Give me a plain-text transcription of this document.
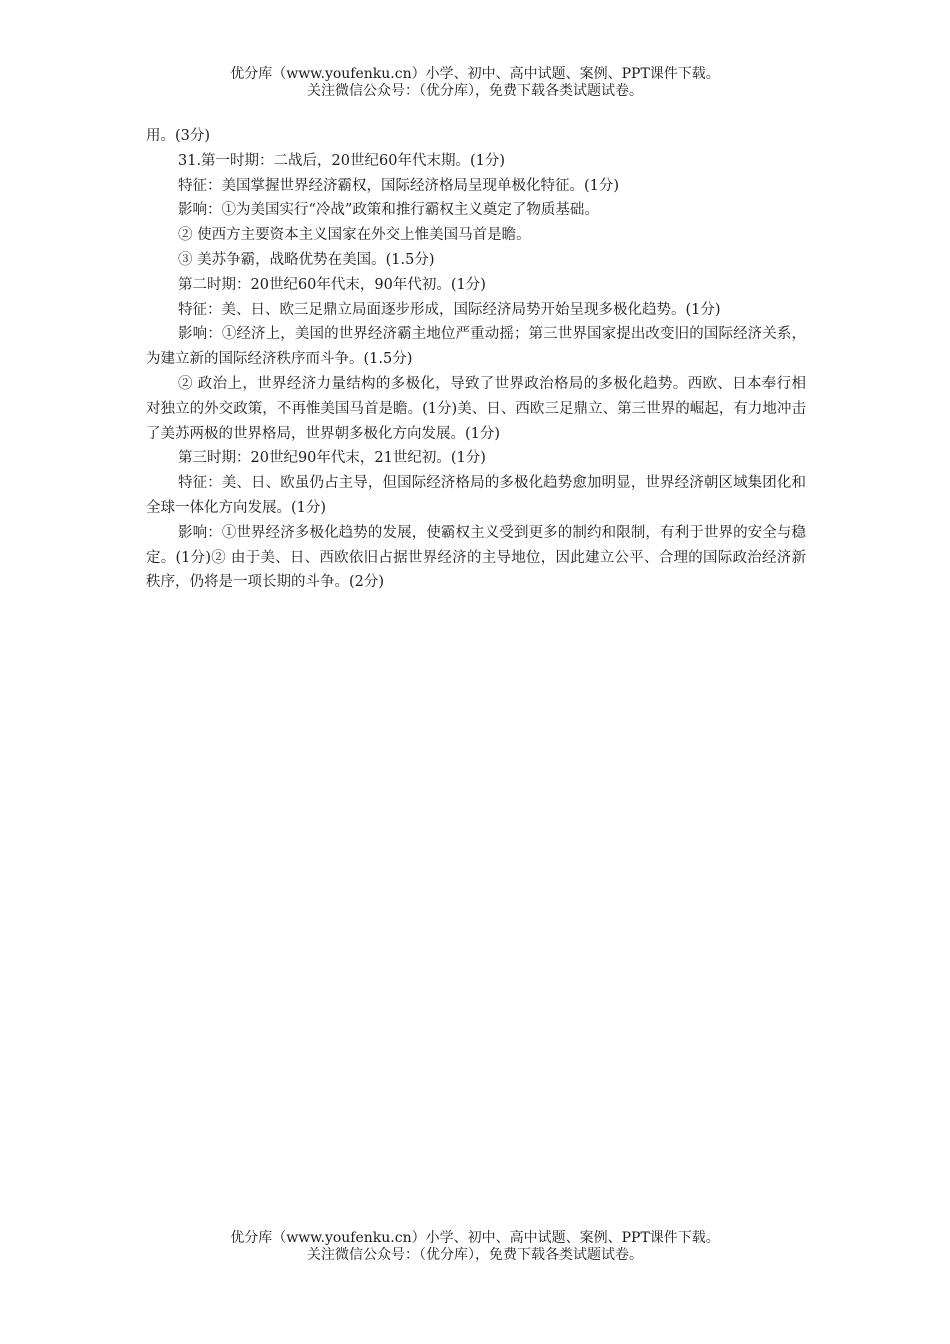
优分库（www.youfenku.cn）小学、初中、高中试题、案例、PPT课件下载。
关注微信公众号：（优分库），免费下载各类试题试卷。

用。(3分)

31.第一时期：二战后，20世纪60年代末期。(1分)

特征：美国掌握世界经济霸权，国际经济格局呈现单极化特征。(1分)

影响：①为美国实行“冷战”政策和推行霸权主义奠定了物质基础。

② 使西方主要资本主义国家在外交上惟美国马首是瞻。

③ 美苏争霸，战略优势在美国。(1.5分)

第二时期：20世纪60年代末，90年代初。(1分)

特征：美、日、欧三足鼎立局面逐步形成，国际经济局势开始呈现多极化趋势。(1分)

影响：①经济上，美国的世界经济霸主地位严重动摇；第三世界国家提出改变旧的国际经济关系，为建立新的国际经济秩序而斗争。(1.5分)

② 政治上，世界经济力量结构的多极化，导致了世界政治格局的多极化趋势。西欧、日本奉行相对独立的外交政策，不再惟美国马首是瞻。(1分)美、日、西欧三足鼎立、第三世界的崛起，有力地冲击了美苏两极的世界格局，世界朝多极化方向发展。(1分)

第三时期：20世纪90年代末，21世纪初。(1分)

特征：美、日、欧虽仍占主导，但国际经济格局的多极化趋势愈加明显，世界经济朝区域集团化和全球一体化方向发展。(1分)

影响：①世界经济多极化趋势的发展，使霸权主义受到更多的制约和限制，有利于世界的安全与稳定。(1分)② 由于美、日、西欧依旧占据世界经济的主导地位，因此建立公平、合理的国际政治经济新秩序，仍将是一项长期的斗争。(2分)

优分库（www.youfenku.cn）小学、初中、高中试题、案例、PPT课件下载。
关注微信公众号：（优分库），免费下载各类试题试卷。
